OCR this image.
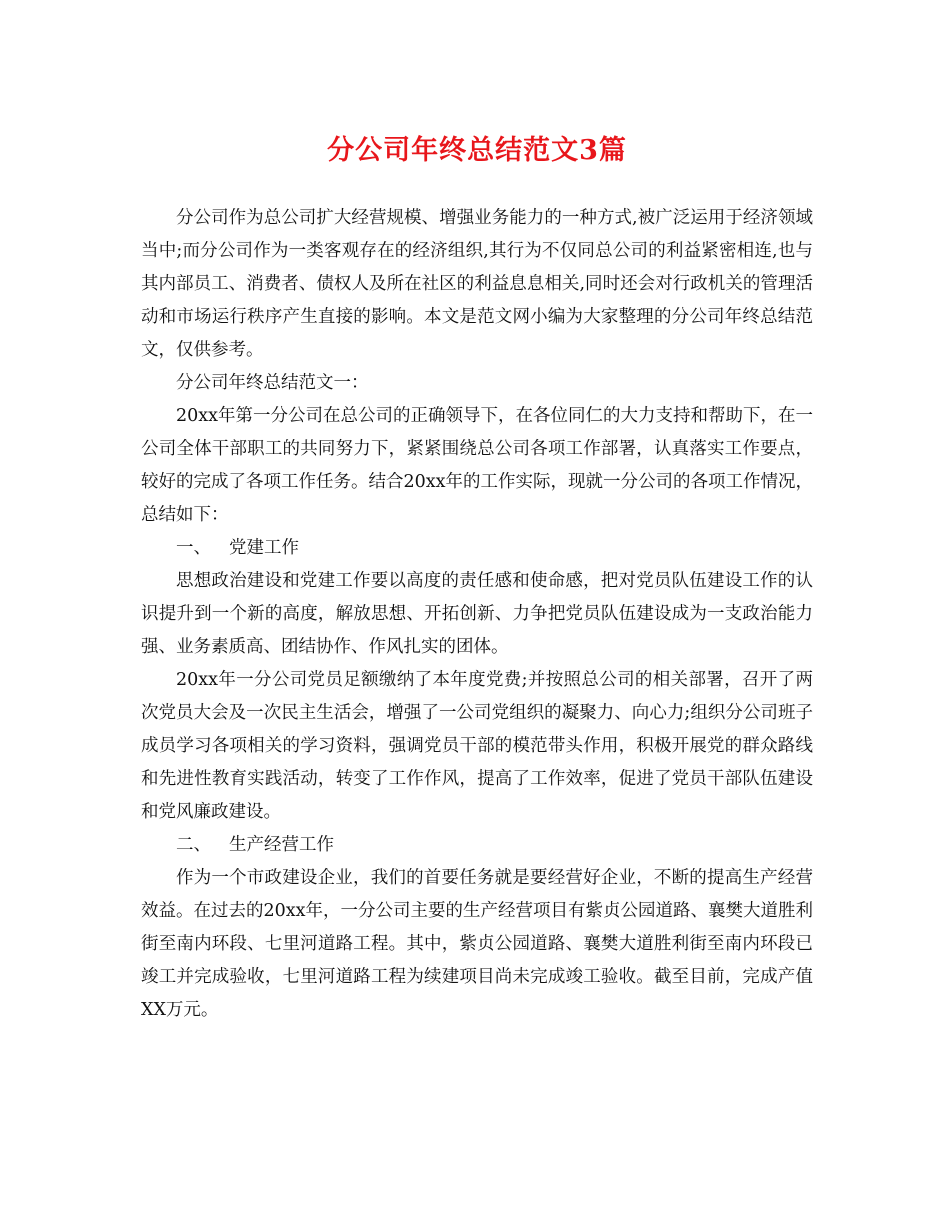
分公司年终总结范文3篇

分公司作为总公司扩大经营规模、增强业务能力的一种方式,被广泛运用于经济领域当中;而分公司作为一类客观存在的经济组织,其行为不仅同总公司的利益紧密相连,也与其内部员工、消费者、债权人及所在社区的利益息息相关,同时还会对行政机关的管理活动和市场运行秩序产生直接的影响。本文是范文网小编为大家整理的分公司年终总结范文，仅供参考。

分公司年终总结范文一：

20xx年第一分公司在总公司的正确领导下，在各位同仁的大力支持和帮助下，在一公司全体干部职工的共同努力下，紧紧围绕总公司各项工作部署，认真落实工作要点，较好的完成了各项工作任务。结合20xx年的工作实际，现就一分公司的各项工作情况，总结如下：

一、 党建工作

思想政治建设和党建工作要以高度的责任感和使命感，把对党员队伍建设工作的认识提升到一个新的高度，解放思想、开拓创新、力争把党员队伍建设成为一支政治能力强、业务素质高、团结协作、作风扎实的团体。

20xx年一分公司党员足额缴纳了本年度党费;并按照总公司的相关部署，召开了两次党员大会及一次民主生活会，增强了一公司党组织的凝聚力、向心力;组织分公司班子成员学习各项相关的学习资料，强调党员干部的模范带头作用，积极开展党的群众路线和先进性教育实践活动，转变了工作作风，提高了工作效率，促进了党员干部队伍建设和党风廉政建设。

二、 生产经营工作

作为一个市政建设企业，我们的首要任务就是要经营好企业，不断的提高生产经营效益。在过去的20xx年，一分公司主要的生产经营项目有紫贞公园道路、襄樊大道胜利街至南内环段、七里河道路工程。其中，紫贞公园道路、襄樊大道胜利街至南内环段已竣工并完成验收，七里河道路工程为续建项目尚未完成竣工验收。截至目前，完成产值XX万元。
